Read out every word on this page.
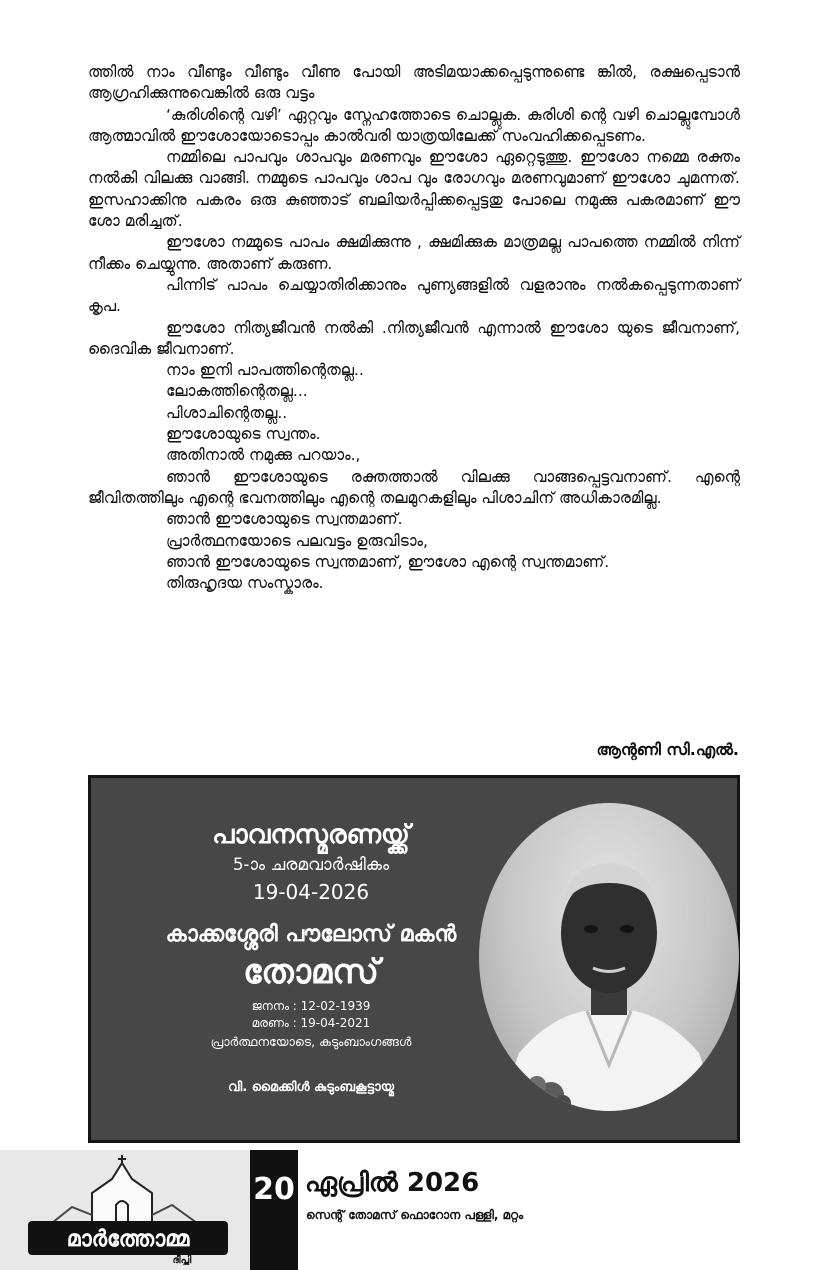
ത്തിൽ നാം വീണ്ടും വീണ്ടും വീണു പോയി അടിമയാക്കപ്പെടുന്നുണ്ടെ ങ്കിൽ, രക്ഷപ്പെടാൻ ആഗ്രഹിക്കുന്നുവെങ്കിൽ ഒരു വട്ടം

‘കുരിശിന്റെ വഴി’ ഏറ്റവും സ്നേഹത്തോടെ ചൊല്ലുക. കുരിശി ന്റെ വഴി ചൊല്ലുമ്പോൾ ആത്മാവിൽ ഈശോയോടൊപ്പം കാൽവരി യാത്രയിലേക്ക് സംവഹിക്കപ്പെടണം.

നമ്മിലെ പാപവും ശാപവും മരണവും ഈശോ ഏറ്റെടുത്തു. ഈശോ നമ്മെ രക്തം നൽകി വിലക്കു വാങ്ങി. നമ്മുടെ പാപവും ശാപ വും രോഗവും മരണവുമാണ് ഈശോ ചുമന്നത്. ഇസഹാക്കിനു പകരം ഒരു കുഞ്ഞാട് ബലിയർപ്പിക്കപ്പെട്ടതു പോലെ നമുക്കു പകരമാണ് ഈ ശോ മരിച്ചത്.

ഈശോ നമ്മുടെ പാപം ക്ഷമിക്കുന്നു , ക്ഷമിക്കുക മാത്രമല്ല പാപത്തെ നമ്മിൽ നിന്ന് നീക്കം ചെയ്യുന്നു. അതാണ് കരുണ.

പിന്നിട് പാപം ചെയ്യാതിരിക്കാനും പുണ്യങ്ങളിൽ വളരാനും നൽകപ്പെടുന്നതാണ് കൃപ.

ഈശോ നിത്യജീവൻ നൽകി .നിത്യജീവൻ എന്നാൽ ഈശോ യുടെ ജീവനാണ്, ദൈവിക ജീവനാണ്.

നാം ഇനി പാപത്തിന്റെതല്ല..

ലോകത്തിന്റെതല്ല...

പിശാചിന്റെതല്ല..

ഈശോയുടെ സ്വന്തം.

അതിനാൽ നമുക്കു പറയാം.,

ഞാൻ ഈശോയുടെ രക്തത്താൽ വിലക്കു വാങ്ങപ്പെട്ടവനാണ്. എന്റെ ജീവിതത്തിലും എന്റെ ഭവനത്തിലും എന്റെ തലമുറകളിലും പിശാചിന് അധികാരമില്ല.

ഞാൻ ഈശോയുടെ സ്വന്തമാണ്.

പ്രാർത്ഥനയോടെ പലവട്ടം ഉരുവിടാം,

ഞാൻ ഈശോയുടെ സ്വന്തമാണ്, ഈശോ എന്റെ സ്വന്തമാണ്.

തിരുഹൃദയ സംസ്കാരം.

ആന്റണി സി.എൽ.
പാവനസ്മരണയ്ക്ക്
5-ാം ചരമവാർഷികം
19-04-2026
കാക്കശ്ശേരി പൗലോസ് മകൻ
തോമസ്
ജനനം : 12-02-1939
മരണം : 19-04-2021
പ്രാർത്ഥനയോടെ, കുടുംബാംഗങ്ങൾ
വി. മൈക്കിൾ കുടുംബകൂട്ടായ്മ
മാർത്തോമ്മ
ദീപ്തി
20 ഏപ്രിൽ 2026
സെന്റ് തോമസ് ഫൊറോന പള്ളി, മറ്റം
